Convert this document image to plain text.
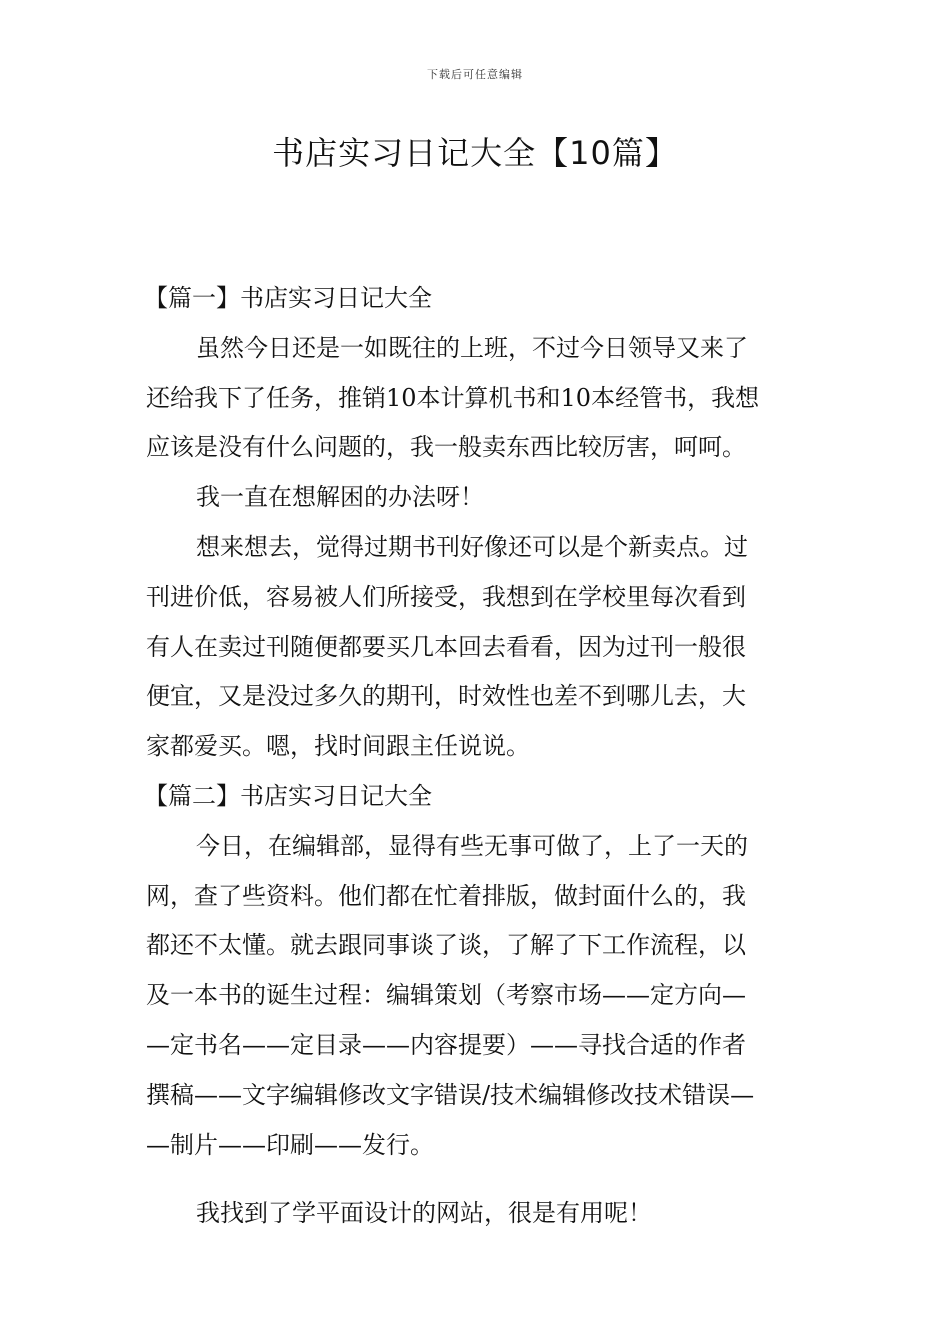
下载后可任意编辑
书店实习日记大全【10篇】
【篇一】书店实习日记大全
虽然今日还是一如既往的上班，不过今日领导又来了
还给我下了任务，推销10本计算机书和10本经管书，我想
应该是没有什么问题的，我一般卖东西比较厉害，呵呵。
我一直在想解困的办法呀！
想来想去，觉得过期书刊好像还可以是个新卖点。过
刊进价低，容易被人们所接受，我想到在学校里每次看到
有人在卖过刊随便都要买几本回去看看，因为过刊一般很
便宜，又是没过多久的期刊，时效性也差不到哪儿去，大
家都爱买。嗯，找时间跟主任说说。
【篇二】书店实习日记大全
今日，在编辑部，显得有些无事可做了，上了一天的
网，查了些资料。他们都在忙着排版，做封面什么的，我
都还不太懂。就去跟同事谈了谈，了解了下工作流程，以
及一本书的诞生过程：编辑策划（考察市场——定方向—
—定书名——定目录——内容提要）——寻找合适的作者
撰稿——文字编辑修改文字错误/技术编辑修改技术错误—
—制片——印刷——发行。
我找到了学平面设计的网站，很是有用呢！
